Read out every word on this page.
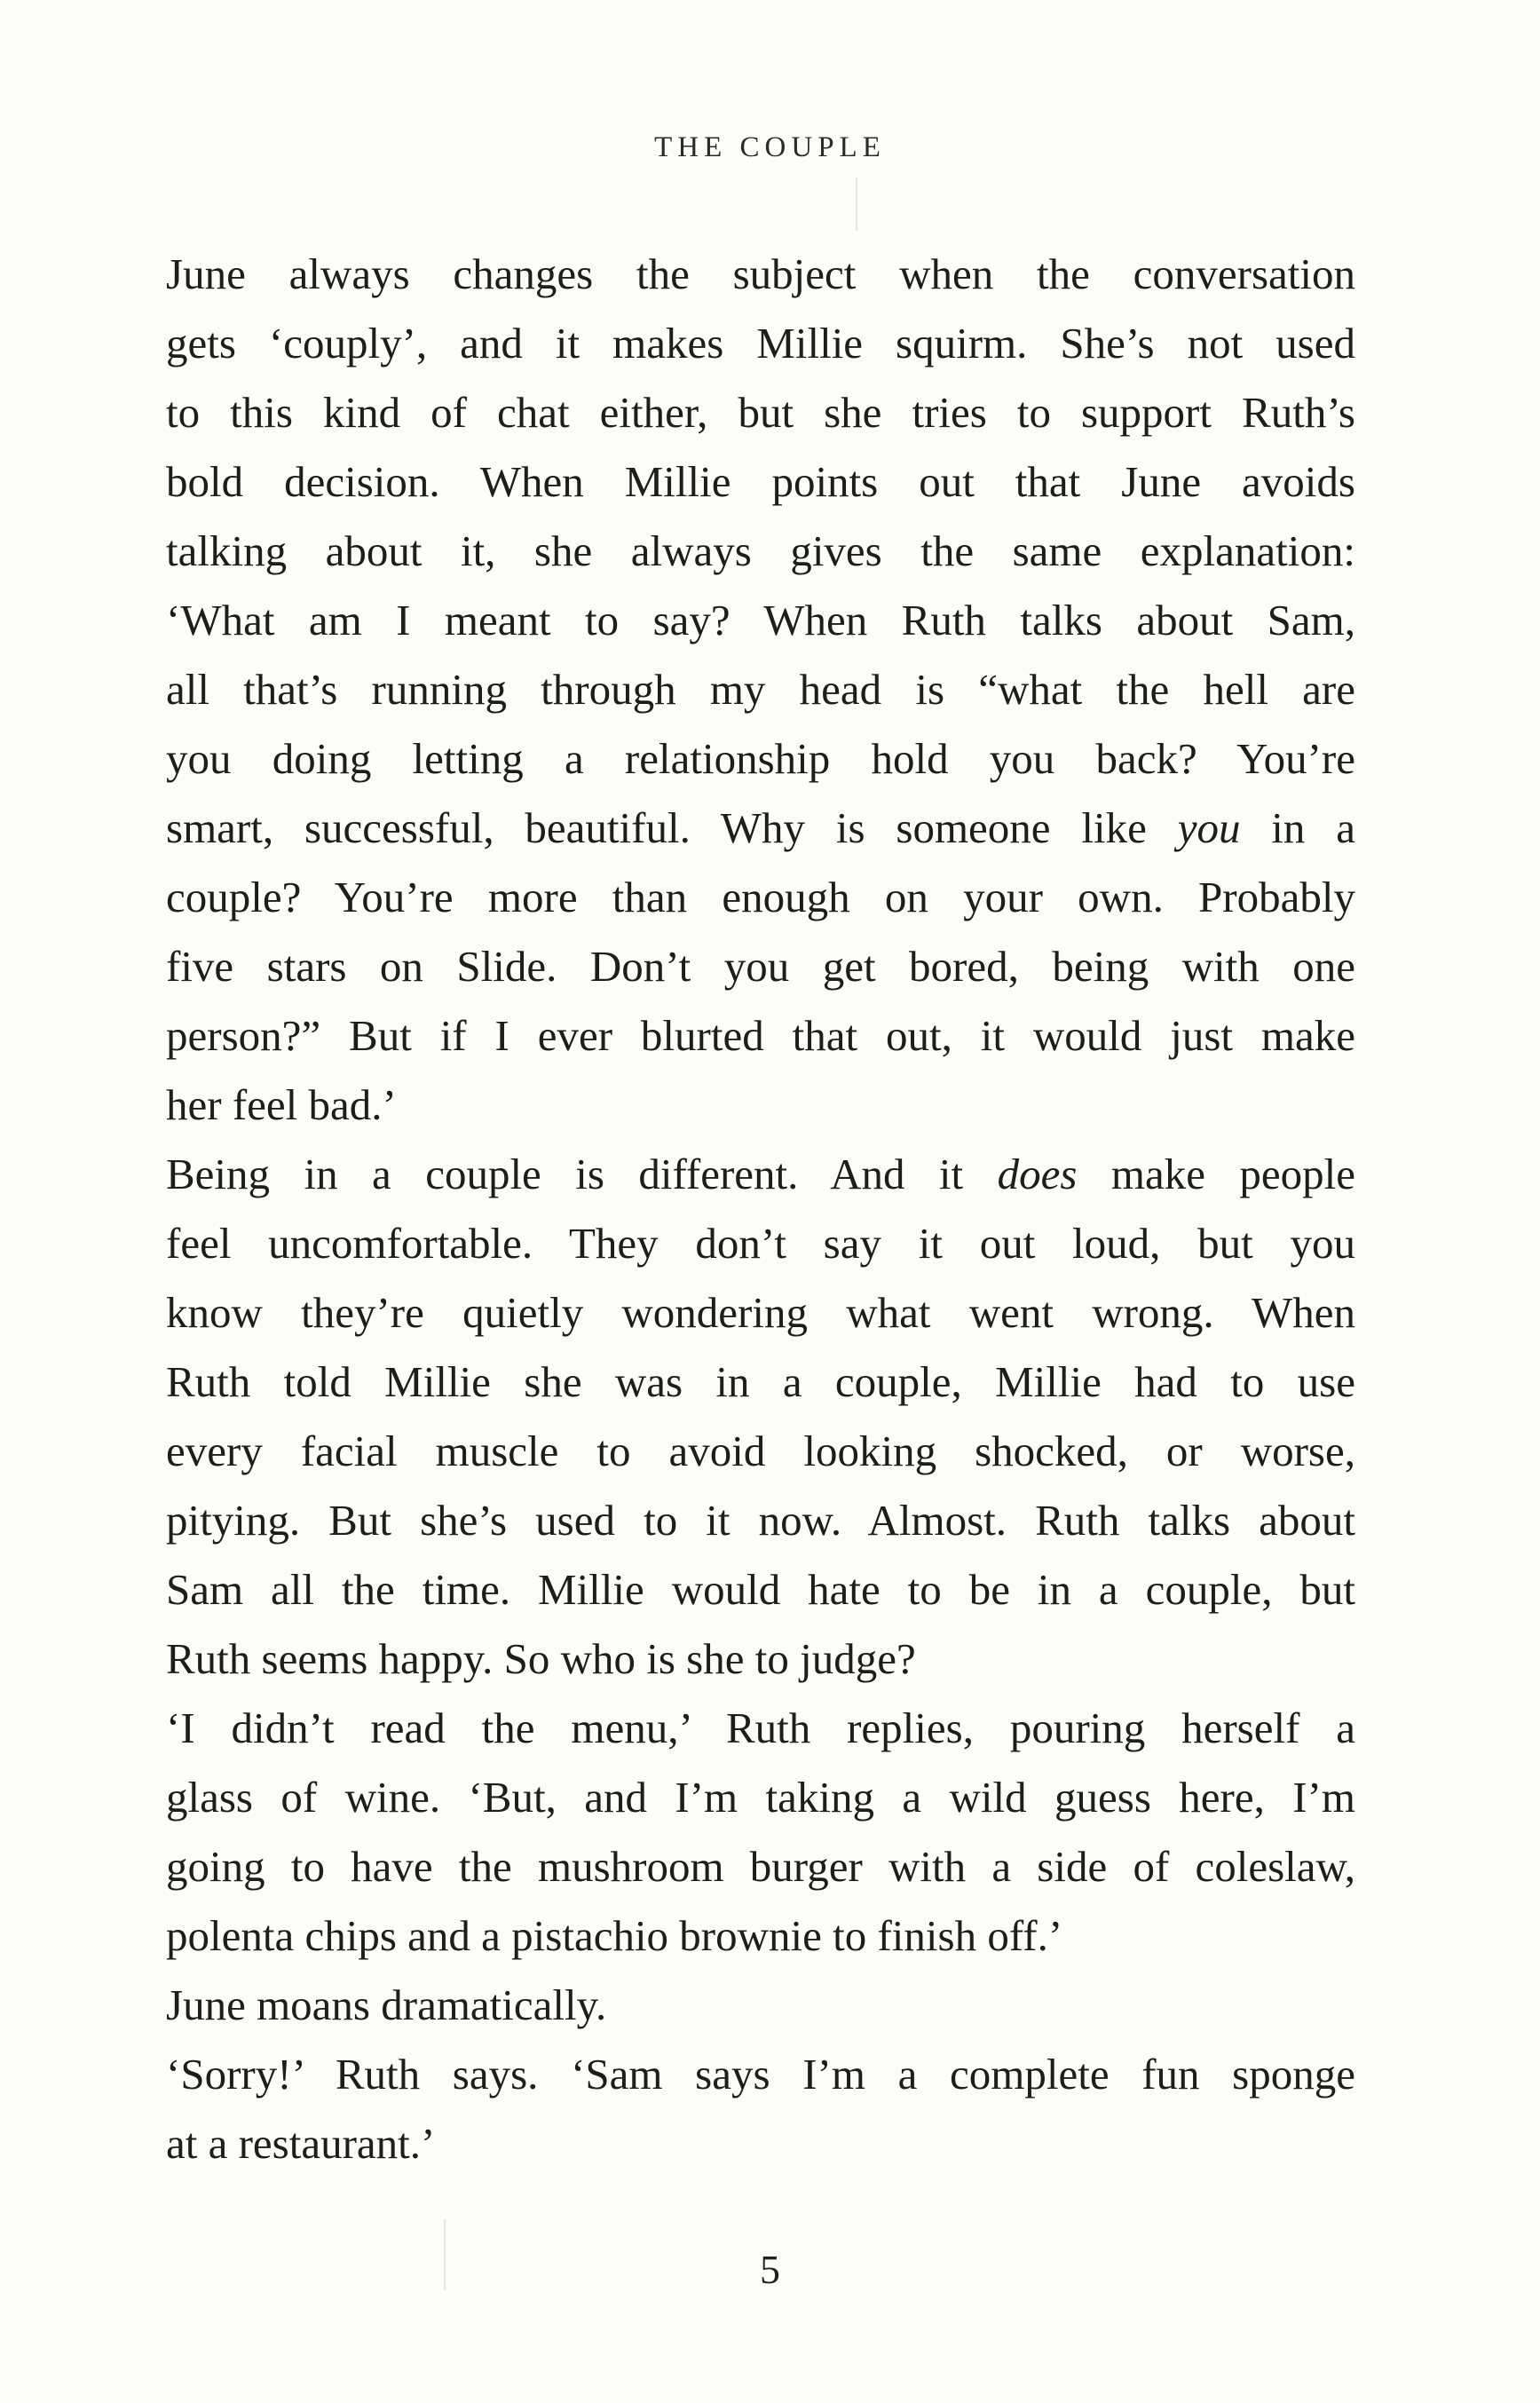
THE COUPLE
June always changes the subject when the conversation
gets ‘couply’, and it makes Millie squirm. She’s not used
to this kind of chat either, but she tries to support Ruth’s
bold decision. When Millie points out that June avoids
talking about it, she always gives the same explanation:
‘What am I meant to say? When Ruth talks about Sam,
all that’s running through my head is “what the hell are
you doing letting a relationship hold you back? You’re
smart, successful, beautiful. Why is someone like you in a
couple? You’re more than enough on your own. Probably
five stars on Slide. Don’t you get bored, being with one
person?” But if I ever blurted that out, it would just make
her feel bad.’
Being in a couple is different. And it does make people
feel uncomfortable. They don’t say it out loud, but you
know they’re quietly wondering what went wrong. When
Ruth told Millie she was in a couple, Millie had to use
every facial muscle to avoid looking shocked, or worse,
pitying. But she’s used to it now. Almost. Ruth talks about
Sam all the time. Millie would hate to be in a couple, but
Ruth seems happy. So who is she to judge?
‘I didn’t read the menu,’ Ruth replies, pouring herself a
glass of wine. ‘But, and I’m taking a wild guess here, I’m
going to have the mushroom burger with a side of coleslaw,
polenta chips and a pistachio brownie to finish off.’
June moans dramatically.
‘Sorry!’ Ruth says. ‘Sam says I’m a complete fun sponge
at a restaurant.’
5
